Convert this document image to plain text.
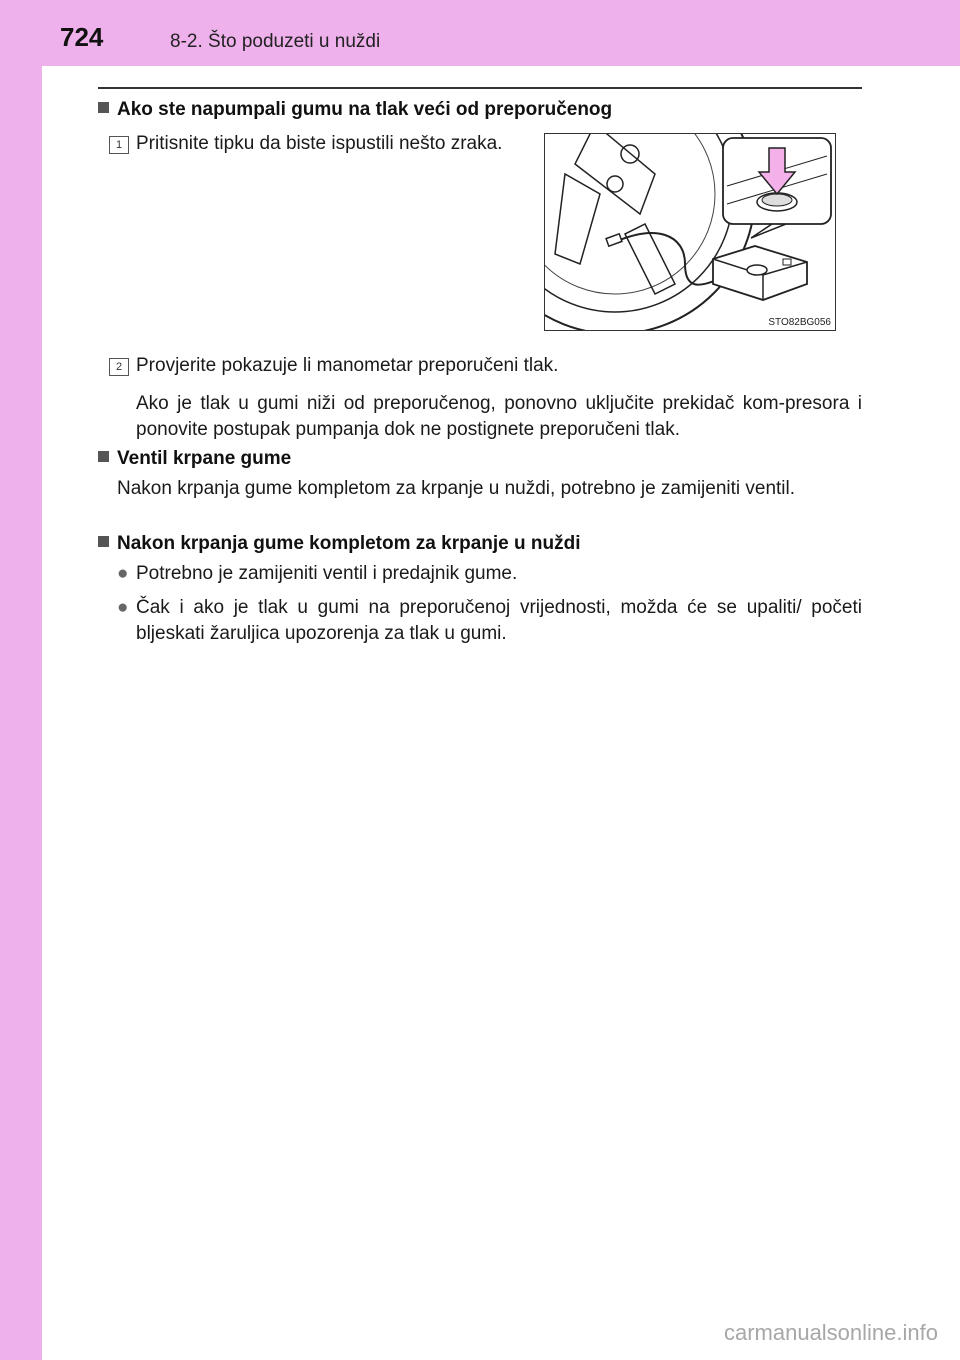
724	8-2. Što poduzeti u nuždi
Ako ste napumpali gumu na tlak veći od preporučenog
1 Pritisnite tipku da biste ispustili nešto zraka.
STO82BG056
2 Provjerite pokazuje li manometar preporučeni tlak.
Ako je tlak u gumi niži od preporučenog, ponovno uključite prekidač kom-presora i ponovite postupak pumpanja dok ne postignete preporučeni tlak.
Ventil krpane gume
Nakon krpanja gume kompletom za krpanje u nuždi, potrebno je zamijeniti ventil.
Nakon krpanja gume kompletom za krpanje u nuždi
● Potrebno je zamijeniti ventil i predajnik gume.
● Čak i ako je tlak u gumi na preporučenoj vrijednosti, možda će se upaliti/ početi bljeskati žaruljica upozorenja za tlak u gumi.
carmanualsonline.info
